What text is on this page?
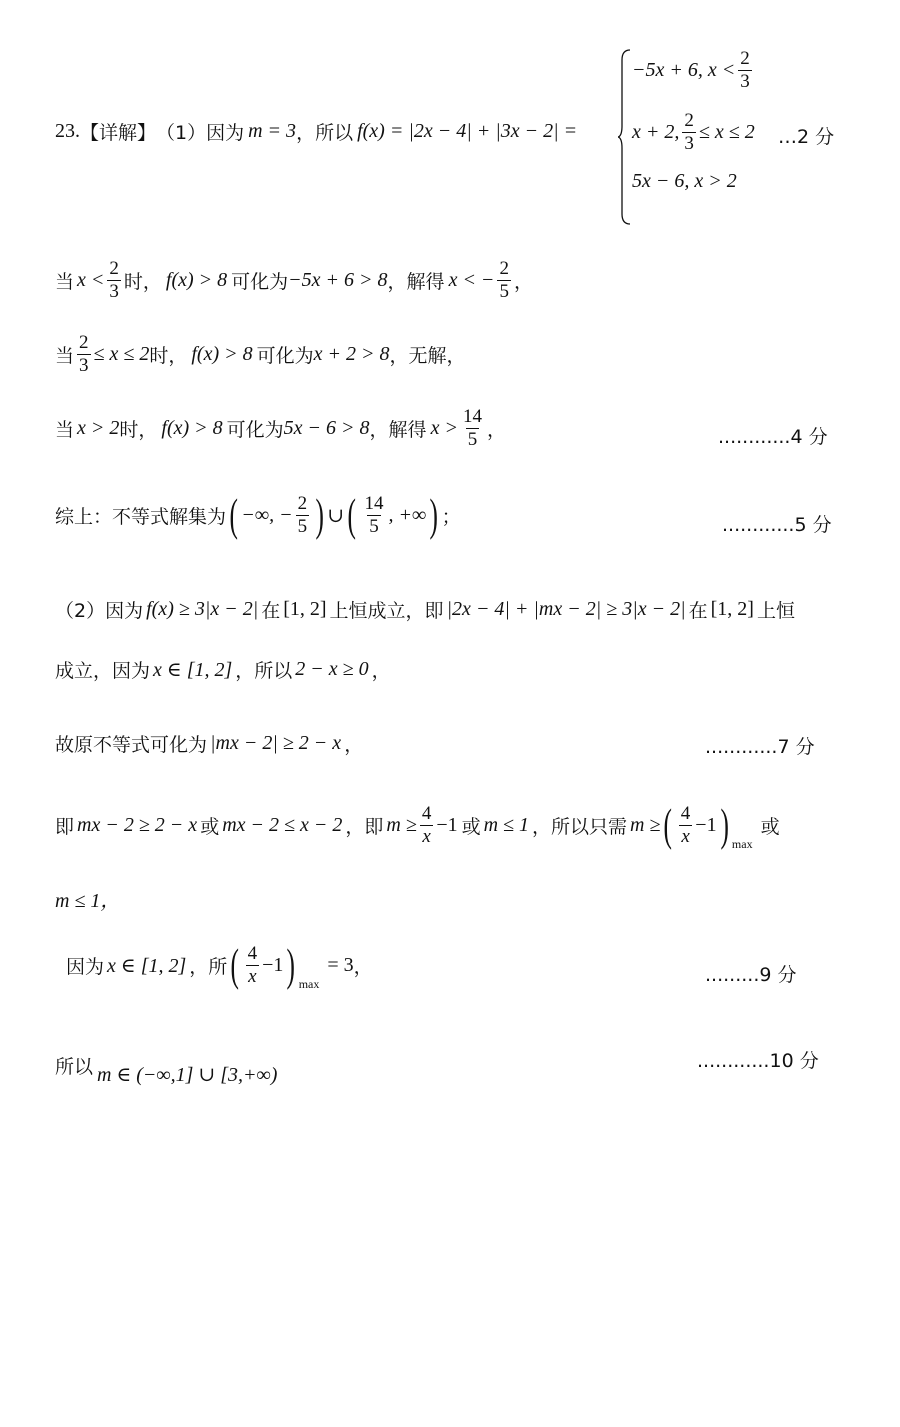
23. 【详解】 （1）因为 m = 3 ，所以 f(x) = |2x − 4| + |3x − 2| =
−5x + 6, $x < \frac{2}{3}$
x + 2, $\frac{2}{3} \le x \le 2$
5x − 6, x > 2
…2 分
当 $x < \frac{2}{3}$ 时， f(x) > 8 可化为 −5x + 6 > 8 ，解得 x < − $\frac{2}{5}$ ，
当 $\frac{2}{3} \le x \le 2$ 时， f(x) > 8 可化为 x + 2 > 8 ，无解，
当 x > 2 时， f(x) > 8 可化为 5x − 6 > 8 ，解得 $x > \frac{14}{5}$ ，	............4 分
综上：不等式解集为 ( −∞, − $\frac{2}{5}$ ) ∪ ( $\frac{14}{5}$ , +∞ ) ；	............5 分
（2）因为 f(x) ≥ 3|x − 2| 在 [1, 2] 上恒成立，即 |2x − 4| + |mx − 2| ≥ 3|x − 2| 在 [1, 2] 上恒
成立，因为 x ∈ [1, 2] ，所以 2 − x ≥ 0 ，
故原不等式可化为 |mx − 2| ≥ 2 − x ，	............7 分
即 mx − 2 ≥ 2 − x 或 mx − 2 ≤ x − 2 ，即 $m \ge \frac{4}{x} -1$ 或 m ≤ 1 ，所以只需 m ≥ ( $\frac{4}{x} -1$ ) max
或
m ≤ 1，
因为 x ∈ [1, 2] ，所 ( $\frac{4}{x} -1$ ) max
= 3 ，	.........9 分
所以 m ∈ (−∞,1] ∪ [3,+∞)
............10 分
